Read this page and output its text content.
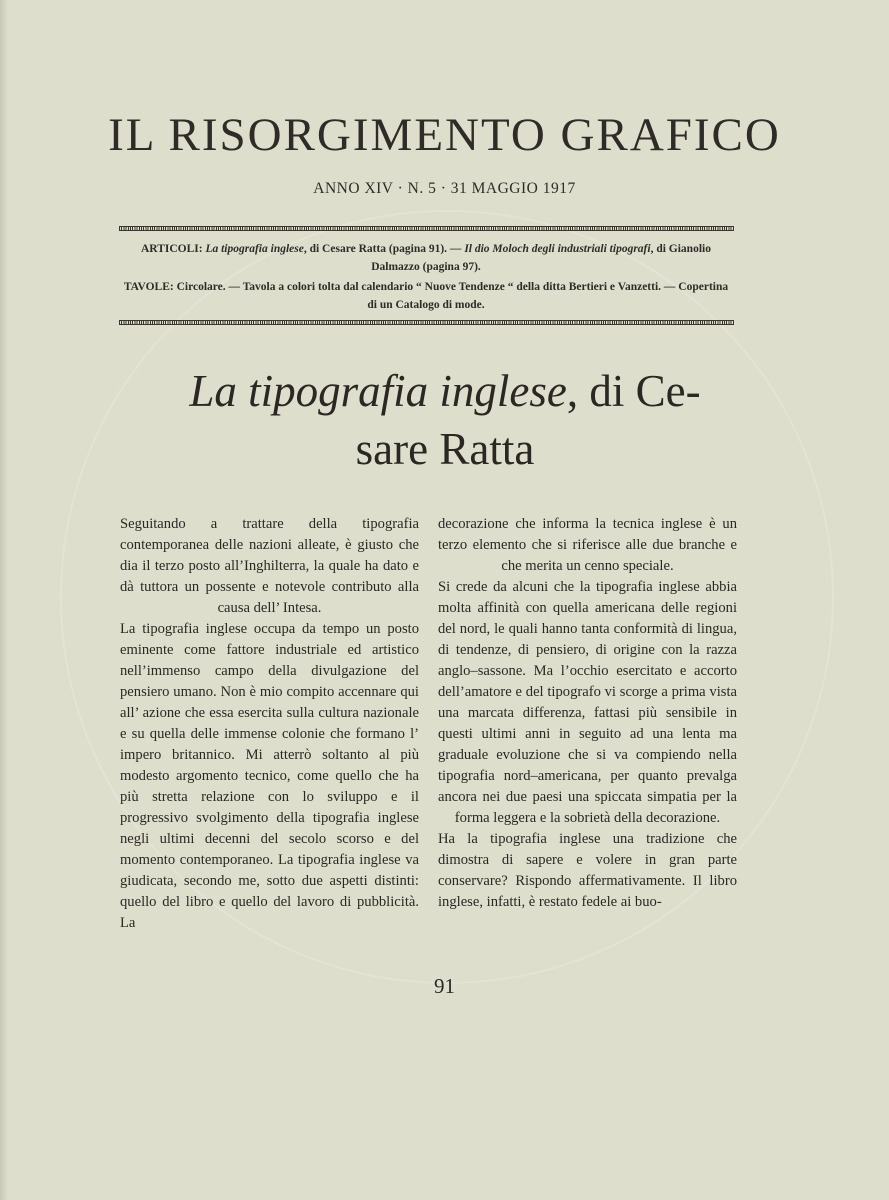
IL RISORGIMENTO GRAFICO
ANNO XIV · N. 5 · 31 MAGGIO 1917

ARTICOLI: La tipografia inglese, di Cesare Ratta (pagina 91). — Il dio Moloch degli industriali tipografi, di Gianolio Dalmazzo (pagina 97).

TAVOLE: Circolare. — Tavola a colori tolta dal calendario “ Nuove Tendenze “ della ditta Bertieri e Vanzetti. — Copertina di un Catalogo di mode.

La tipografia inglese, di Ce-
sare Ratta

Seguitando a trattare della tipografia contemporanea delle nazioni alleate, è giusto che dia il terzo posto all’Inghilterra, la quale ha dato e dà tuttora un possente e notevole contributo alla causa dell’ Intesa.

La tipografia inglese occupa da tempo un posto eminente come fattore industriale ed artistico nell’immenso campo della divulgazione del pensiero umano. Non è mio compito accennare qui all’ azione che essa esercita sulla cultura nazionale e su quella delle immense colonie che formano l’ impero britannico. Mi atterrò soltanto al più modesto argomento tecnico, come quello che ha più stretta relazione con lo sviluppo e il progressivo svolgimento della tipografia inglese negli ultimi decenni del secolo scorso e del momento contemporaneo. La tipografia inglese va giudicata, secondo me, sotto due aspetti distinti: quello del libro e quello del lavoro di pubblicità. La

decorazione che informa la tecnica inglese è un terzo elemento che si riferisce alle due branche e che merita un cenno speciale.

Si crede da alcuni che la tipografia inglese abbia molta affinità con quella americana delle regioni del nord, le quali hanno tanta conformità di lingua, di tendenze, di pensiero, di origine con la razza anglo–sassone. Ma l’occhio esercitato e accorto dell’amatore e del tipografo vi scorge a prima vista una marcata differenza, fattasi più sensibile in questi ultimi anni in seguito ad una lenta ma graduale evoluzione che si va compiendo nella tipografia nord–americana, per quanto prevalga ancora nei due paesi una spiccata simpatia per la forma leggera e la sobrietà della decorazione.

Ha la tipografia inglese una tradizione che dimostra di sapere e volere in gran parte conservare? Rispondo affermativamente. Il libro inglese, infatti, è restato fedele ai buo-

91
